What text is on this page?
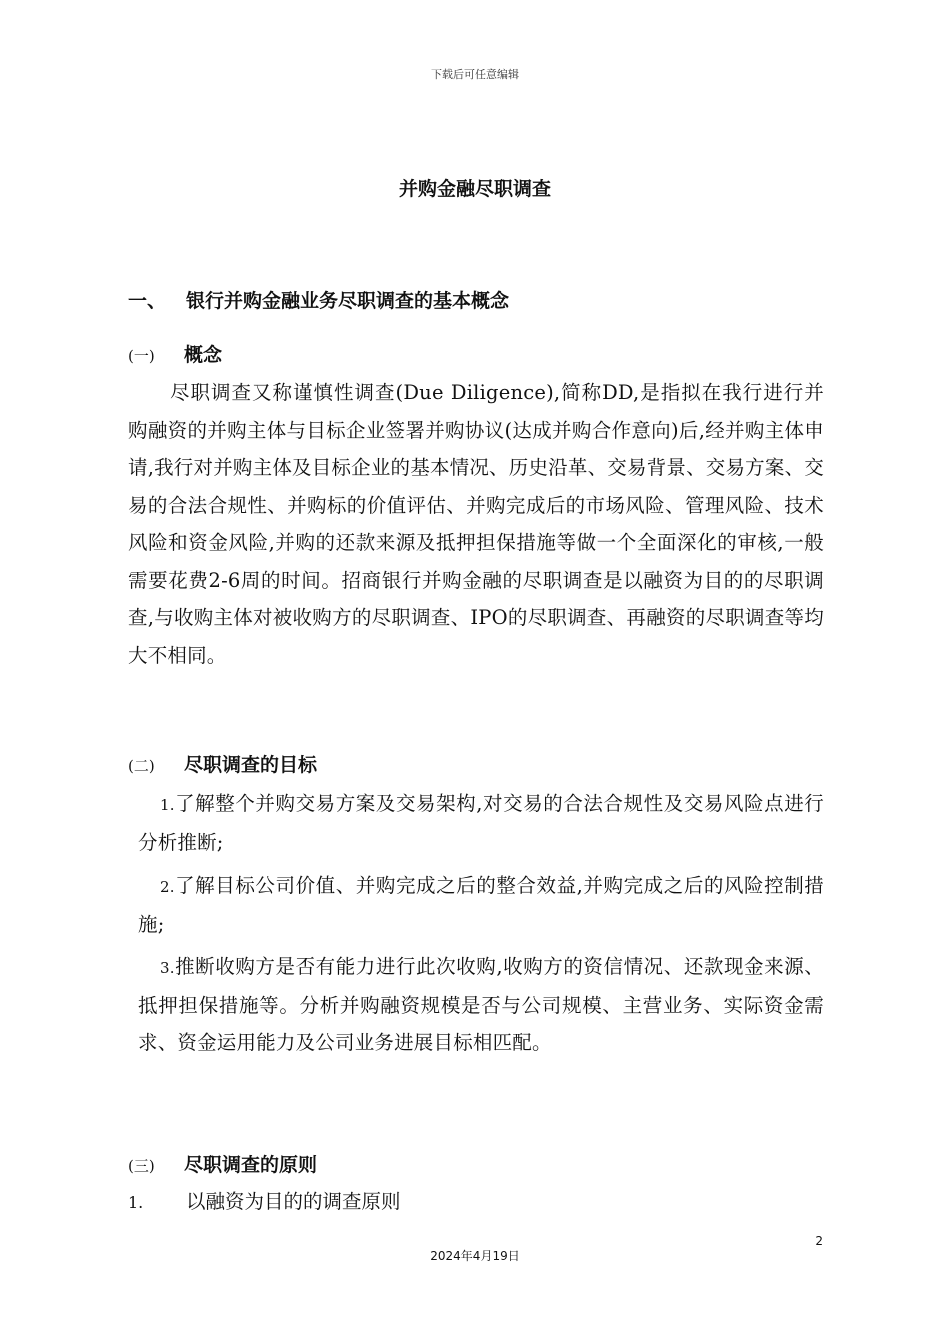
下载后可任意编辑
并购金融尽职调查
一、 银行并购金融业务尽职调查的基本概念
(一) 概念

尽职调查又称谨慎性调查(Due Diligence),简称DD,是指拟在我行进行并购融资的并购主体与目标企业签署并购协议(达成并购合作意向)后,经并购主体申请,我行对并购主体及目标企业的基本情况、历史沿革、交易背景、交易方案、交易的合法合规性、并购标的价值评估、并购完成后的市场风险、管理风险、技术风险和资金风险,并购的还款来源及抵押担保措施等做一个全面深化的审核,一般需要花费2-6周的时间。招商银行并购金融的尽职调查是以融资为目的的尽职调查,与收购主体对被收购方的尽职调查、IPO的尽职调查、再融资的尽职调查等均大不相同。

(二) 尽职调查的目标

1.了解整个并购交易方案及交易架构,对交易的合法合规性及交易风险点进行分析推断;

2.了解目标公司价值、并购完成之后的整合效益,并购完成之后的风险控制措施;

3.推断收购方是否有能力进行此次收购,收购方的资信情况、还款现金来源、抵押担保措施等。分析并购融资规模是否与公司规模、主营业务、实际资金需求、资金运用能力及公司业务进展目标相匹配。

(三) 尽职调查的原则
1. 以融资为目的的调查原则
2
2024年4月19日
